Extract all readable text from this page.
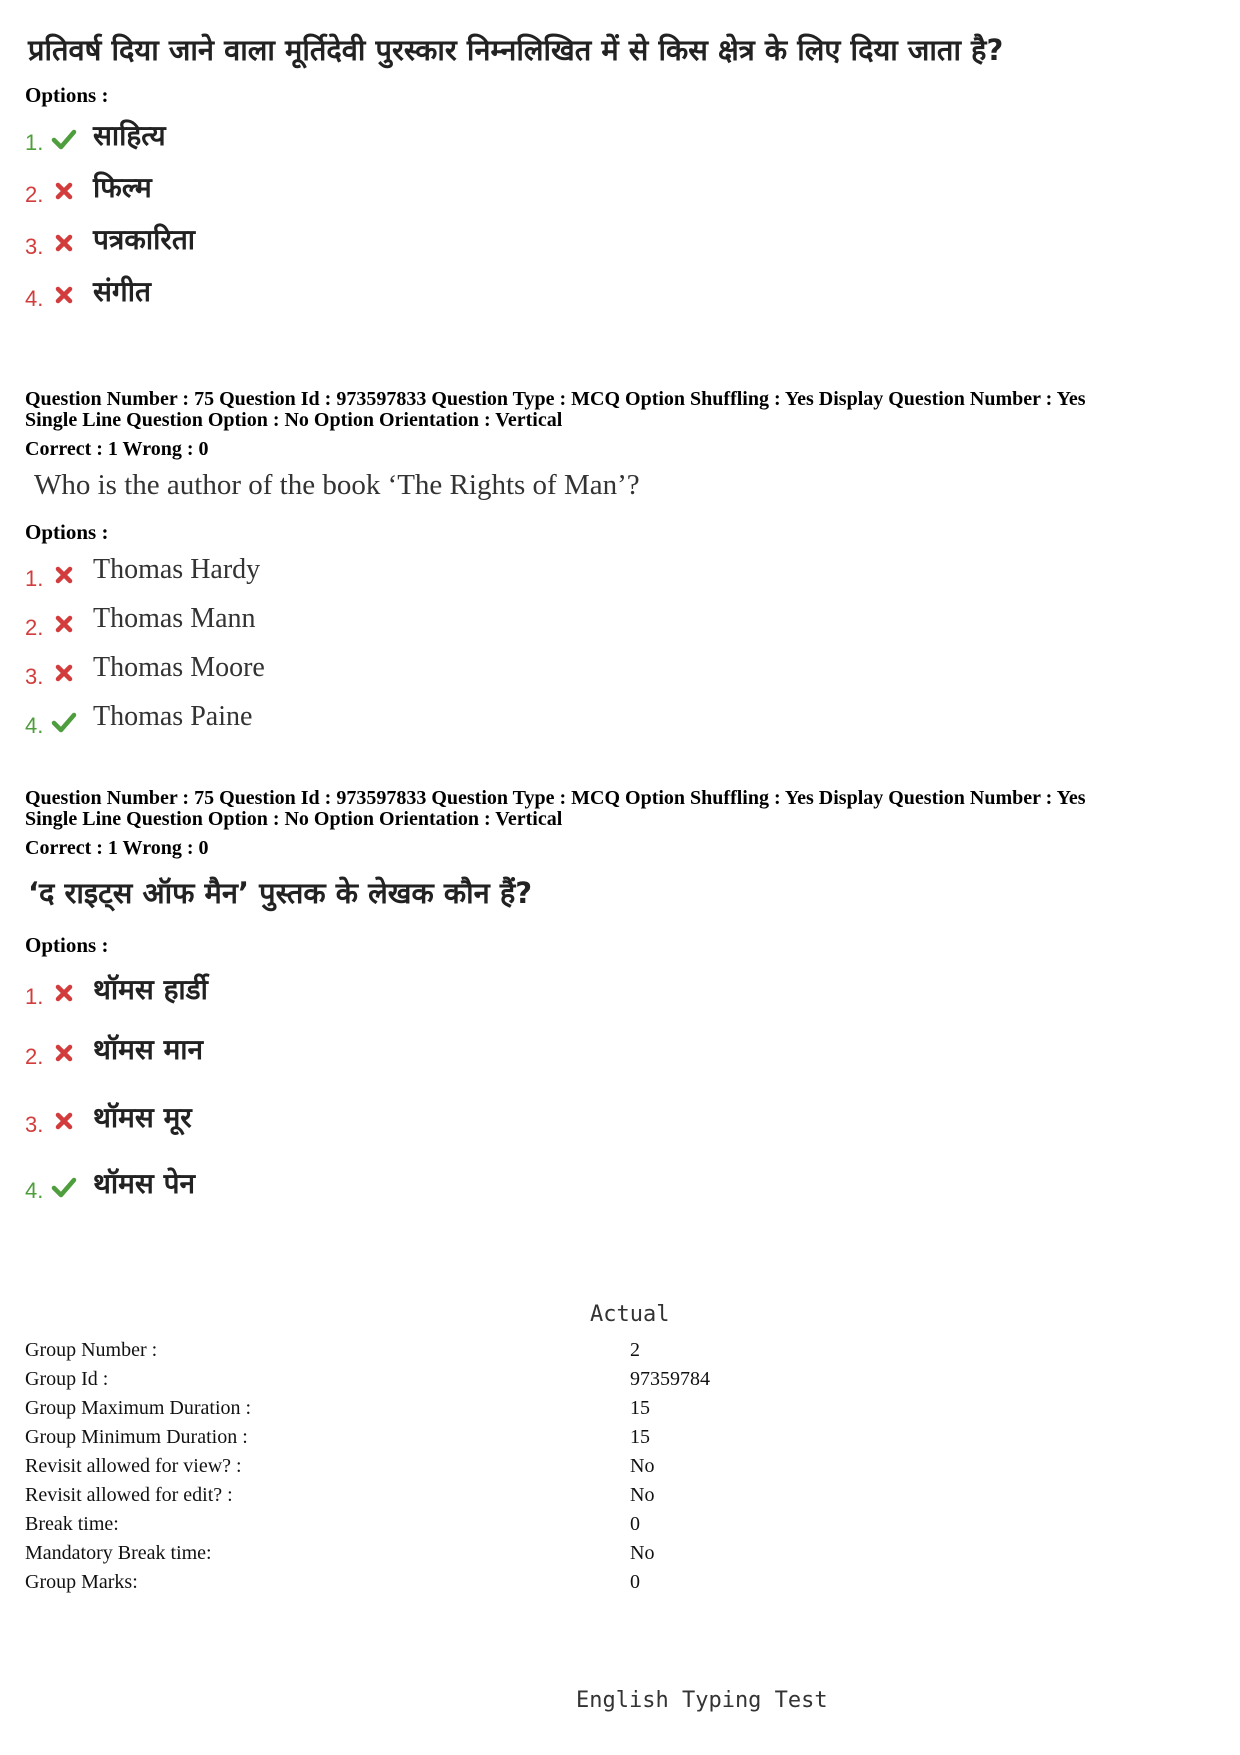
प्रतिवर्ष दिया जाने वाला मूर्तिदेवी पुरस्कार निम्नलिखित में से किस क्षेत्र के लिए दिया जाता है?
Options :
1. साहित्य
2. फिल्म
3. पत्रकारिता
4. संगीत
Question Number : 75 Question Id : 973597833 Question Type : MCQ Option Shuffling : Yes Display Question Number : Yes
Single Line Question Option : No Option Orientation : Vertical
Correct : 1 Wrong : 0
Who is the author of the book ‘The Rights of Man’?
Options :
1. Thomas Hardy
2. Thomas Mann
3. Thomas Moore
4. Thomas Paine
Question Number : 75 Question Id : 973597833 Question Type : MCQ Option Shuffling : Yes Display Question Number : Yes
Single Line Question Option : No Option Orientation : Vertical
Correct : 1 Wrong : 0
‘द राइट्स ऑफ मैन’ पुस्तक के लेखक कौन हैं?
Options :
1. थॉमस हार्डी
2. थॉमस मान
3. थॉमस मूर
4. थॉमस पेन
Actual
Group Number :	2
Group Id :	97359784
Group Maximum Duration :	15
Group Minimum Duration :	15
Revisit allowed for view? :	No
Revisit allowed for edit? :	No
Break time:	0
Mandatory Break time:	No
Group Marks:	0
English Typing Test
